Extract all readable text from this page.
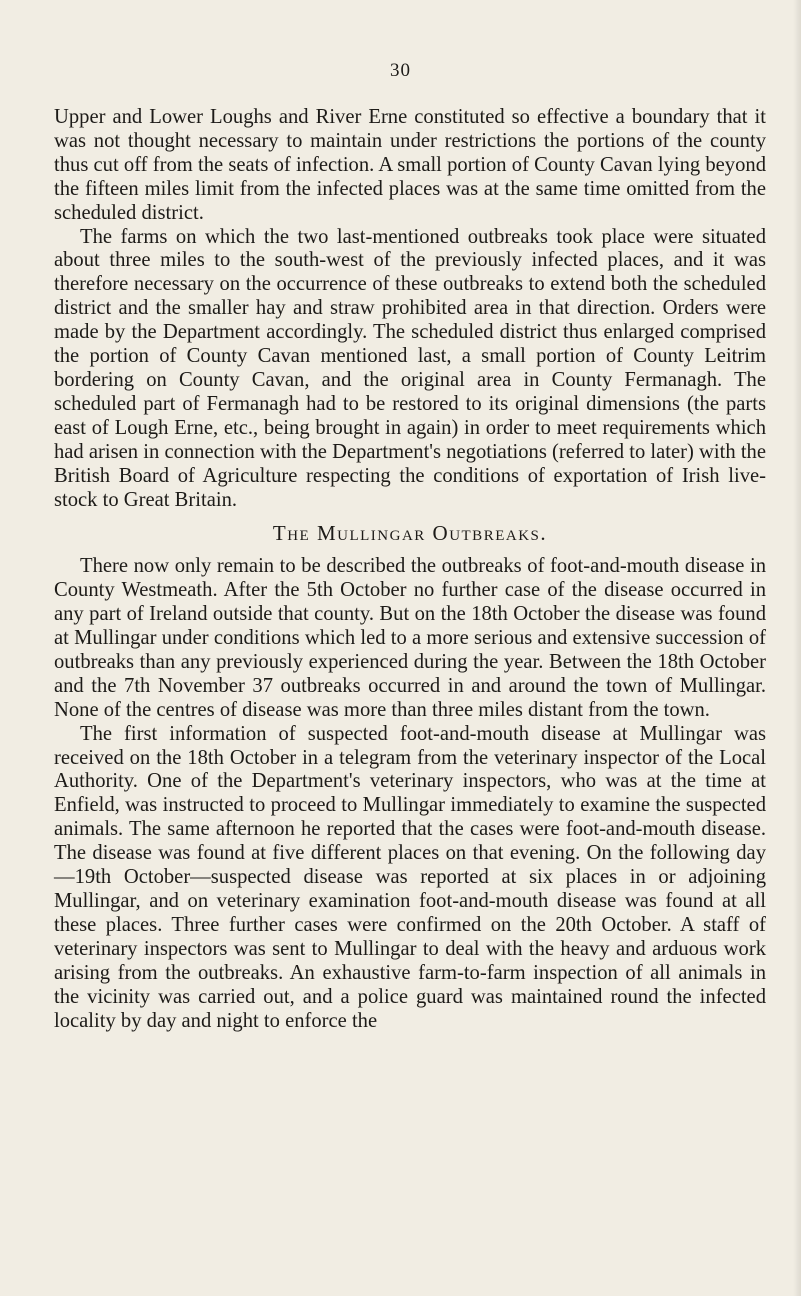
30

Upper and Lower Loughs and River Erne constituted so effective a boundary that it was not thought necessary to maintain under restrictions the portions of the county thus cut off from the seats of infection. A small portion of County Cavan lying beyond the fifteen miles limit from the infected places was at the same time omitted from the scheduled district.

The farms on which the two last-mentioned outbreaks took place were situated about three miles to the south-west of the previously infected places, and it was therefore necessary on the occurrence of these outbreaks to extend both the scheduled district and the smaller hay and straw prohibited area in that direction. Orders were made by the Department accordingly. The scheduled district thus enlarged comprised the portion of County Cavan mentioned last, a small portion of County Leitrim bordering on County Cavan, and the original area in County Fermanagh. The scheduled part of Fermanagh had to be restored to its original dimensions (the parts east of Lough Erne, etc., being brought in again) in order to meet requirements which had arisen in connection with the Department's negotiations (referred to later) with the British Board of Agriculture respecting the conditions of exportation of Irish live-stock to Great Britain.

The Mullingar Outbreaks.

There now only remain to be described the outbreaks of foot-and-mouth disease in County Westmeath. After the 5th October no further case of the disease occurred in any part of Ireland outside that county. But on the 18th October the disease was found at Mullingar under conditions which led to a more serious and extensive succession of outbreaks than any previously experienced during the year. Between the 18th October and the 7th November 37 outbreaks occurred in and around the town of Mullingar. None of the centres of disease was more than three miles distant from the town.

The first information of suspected foot-and-mouth disease at Mullingar was received on the 18th October in a telegram from the veterinary inspector of the Local Authority. One of the Department's veterinary inspectors, who was at the time at Enfield, was instructed to proceed to Mullingar immediately to examine the suspected animals. The same afternoon he reported that the cases were foot-and-mouth disease. The disease was found at five different places on that evening. On the following day—19th October—suspected disease was reported at six places in or adjoining Mullingar, and on veterinary examination foot-and-mouth disease was found at all these places. Three further cases were confirmed on the 20th October. A staff of veterinary inspectors was sent to Mullingar to deal with the heavy and arduous work arising from the outbreaks. An exhaustive farm-to-farm inspection of all animals in the vicinity was carried out, and a police guard was maintained round the infected locality by day and night to enforce the
